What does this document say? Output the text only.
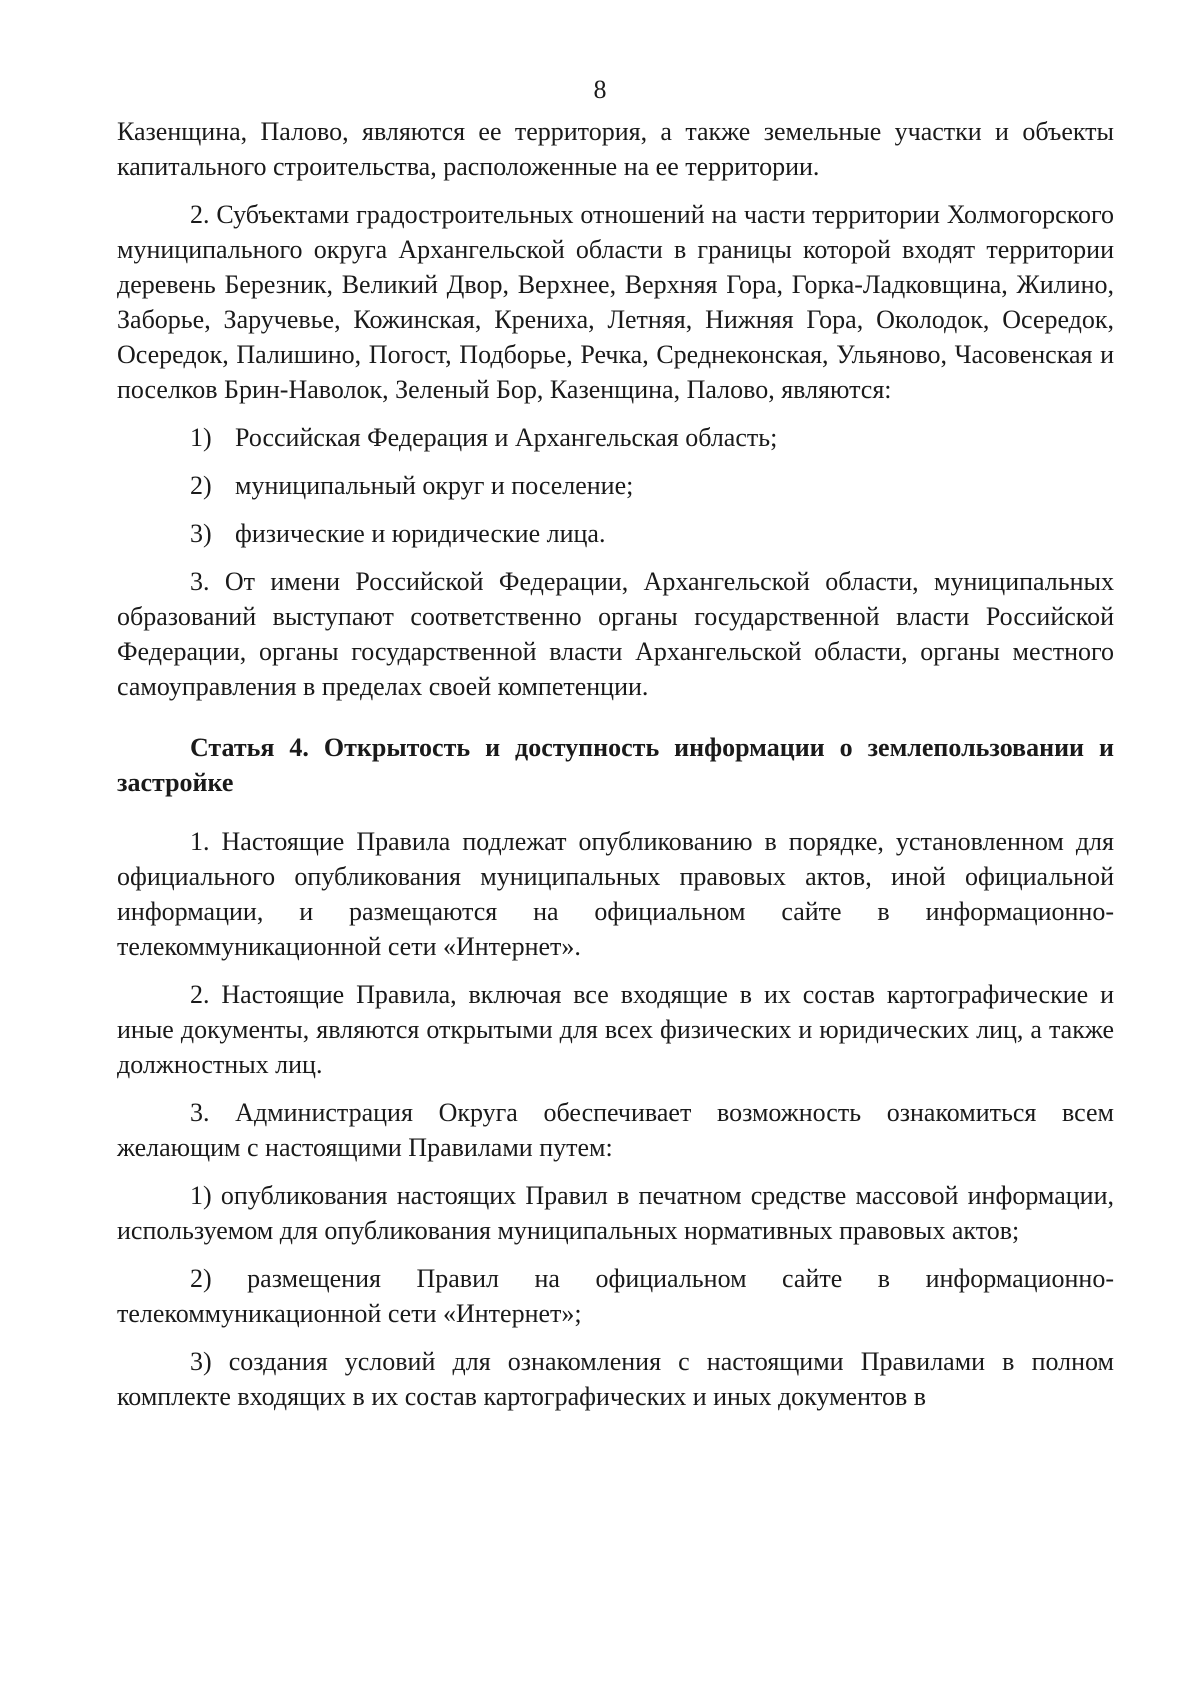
8

Казенщина, Палово, являются ее территория, а также земельные участки и объекты капитального строительства, расположенные на ее территории.

2. Субъектами градостроительных отношений на части территории Холмогорского муниципального округа Архангельской области в границы которой входят территории деревень Березник, Великий Двор, Верхнее, Верхняя Гора, Горка-Ладковщина, Жилино, Заборье, Заручевье, Кожинская, Крениха, Летняя, Нижняя Гора, Околодок, Осередок, Осередок, Палишино, Погост, Подборье, Речка, Среднеконская, Ульяново, Часовенская и поселков Брин-Наволок, Зеленый Бор, Казенщина, Палово, являются:

1) Российская Федерация и Архангельская область;

2) муниципальный округ и поселение;

3) физические и юридические лица.

3. От имени Российской Федерации, Архангельской области, муниципальных образований выступают соответственно органы государственной власти Российской Федерации, органы государственной власти Архангельской области, органы местного самоуправления в пределах своей компетенции.

Статья 4. Открытость и доступность информации о землепользовании и застройке

1. Настоящие Правила подлежат опубликованию в порядке, установленном для официального опубликования муниципальных правовых актов, иной официальной информации, и размещаются на официальном сайте в информационно-телекоммуникационной сети «Интернет».

2. Настоящие Правила, включая все входящие в их состав картографические и иные документы, являются открытыми для всех физических и юридических лиц, а также должностных лиц.

3. Администрация Округа обеспечивает возможность ознакомиться всем желающим с настоящими Правилами путем:

1) опубликования настоящих Правил в печатном средстве массовой информации, используемом для опубликования муниципальных нормативных правовых актов;

2) размещения Правил на официальном сайте в информационно-телекоммуникационной сети «Интернет»;

3) создания условий для ознакомления с настоящими Правилами в полном комплекте входящих в их состав картографических и иных документов в
